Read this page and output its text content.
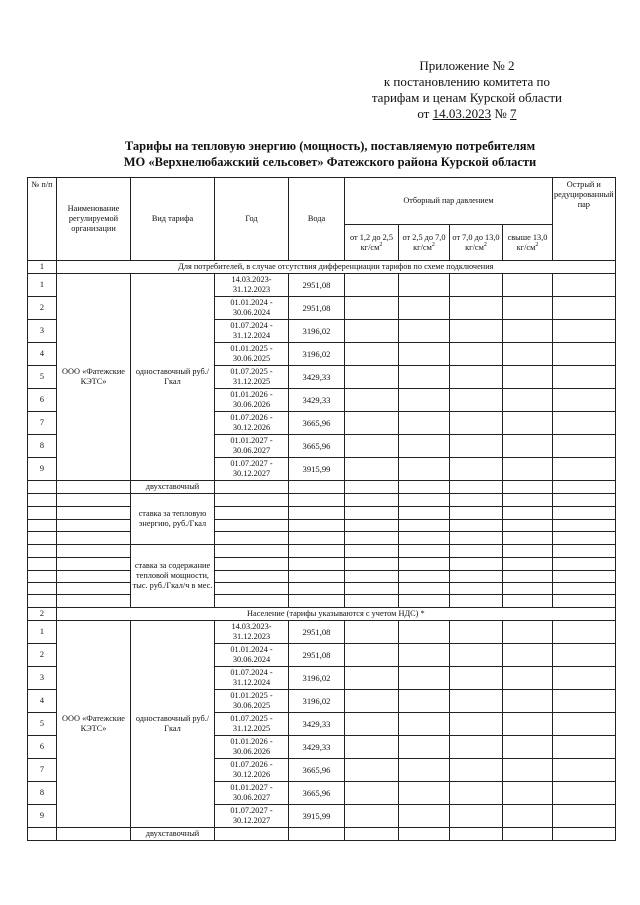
Приложение № 2
к постановлению комитета по
тарифам и ценам Курской области
от 14.03.2023 № 7
Тарифы на тепловую энергию (мощность), поставляемую потребителям
МО «Верхнелюбажский сельсовет» Фатежского района Курской области
№ п/п	Наименование регулируемой организации	Вид тарифа	Год	Вода	Отборный пар давлением				Острый и редуцированный пар
					от 1,2 до 2,5 $кг/см^2$	от 2,5 до 7,0 $кг/см^2$	от 7,0 до 13,0 $кг/см^2$	свыше 13,0 $кг/см^2$
1	Для потребителей, в случае отсутствия дифференциации тарифов по схеме подключения								
1	ООО «Фатежские КЭТС»	одноставочный руб./Гкал	14.03.2023-31.12.2023	2951,08					
2			01.01.2024 - 30.06.2024	2951,08					
3			01.07.2024 - 31.12.2024	3196,02					
4			01.01.2025 - 30.06.2025	3196,02					
5			01.07.2025 - 31.12.2025	3429,33					
6			01.01.2026 - 30.06.2026	3429,33					
7			01.07.2026 - 30.12.2026	3665,96					
8			01.01.2027 - 30.06.2027	3665,96					
9			01.07.2027 - 30.12.2027	3915,99					
		двухставочный							
		ставка за тепловую энергию, руб./Гкал							

		ставка за содержание тепловой мощности, тыс. руб./Гкал/ч в мес.							

2	Население (тарифы указываются с учетом НДС) *								
1	ООО «Фатежские КЭТС»	одноставочный руб./Гкал	14.03.2023-31.12.2023	2951,08					
2			01.01.2024 - 30.06.2024	2951,08					
3			01.07.2024 - 31.12.2024	3196,02					
4			01.01.2025 - 30.06.2025	3196,02					
5			01.07.2025 - 31.12.2025	3429,33					
6			01.01.2026 - 30.06.2026	3429,33					
7			01.07.2026 - 30.12.2026	3665,96					
8			01.01.2027 - 30.06.2027	3665,96					
9			01.07.2027 - 30.12.2027	3915,99					
		двухставочный							
